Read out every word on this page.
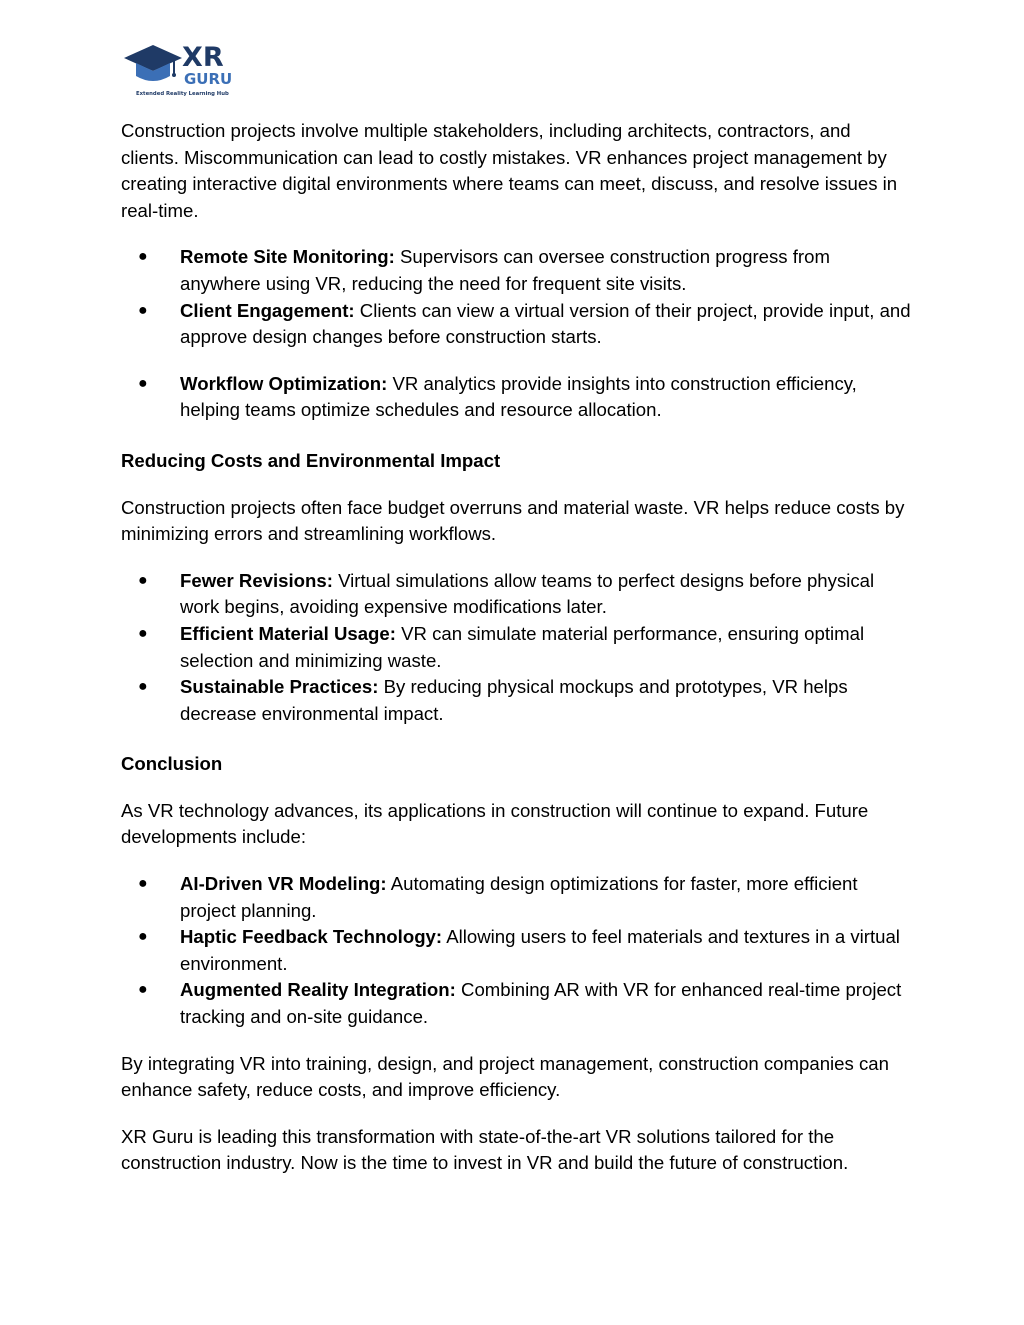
XR
GURU
Extended Reality Learning Hub

Construction projects involve multiple stakeholders, including architects, contractors, and clients. Miscommunication can lead to costly mistakes. VR enhances project management by creating interactive digital environments where teams can meet, discuss, and resolve issues in real-time.

● Remote Site Monitoring: Supervisors can oversee construction progress from anywhere using VR, reducing the need for frequent site visits.
● Client Engagement: Clients can view a virtual version of their project, provide input, and approve design changes before construction starts.
● Workflow Optimization: VR analytics provide insights into construction efficiency, helping teams optimize schedules and resource allocation.

Reducing Costs and Environmental Impact

Construction projects often face budget overruns and material waste. VR helps reduce costs by minimizing errors and streamlining workflows.

● Fewer Revisions: Virtual simulations allow teams to perfect designs before physical work begins, avoiding expensive modifications later.
● Efficient Material Usage: VR can simulate material performance, ensuring optimal selection and minimizing waste.
● Sustainable Practices: By reducing physical mockups and prototypes, VR helps decrease environmental impact.

Conclusion

As VR technology advances, its applications in construction will continue to expand. Future developments include:

● AI-Driven VR Modeling: Automating design optimizations for faster, more efficient project planning.
● Haptic Feedback Technology: Allowing users to feel materials and textures in a virtual environment.
● Augmented Reality Integration: Combining AR with VR for enhanced real-time project tracking and on-site guidance.

By integrating VR into training, design, and project management, construction companies can enhance safety, reduce costs, and improve efficiency.

XR Guru is leading this transformation with state-of-the-art VR solutions tailored for the construction industry. Now is the time to invest in VR and build the future of construction.
